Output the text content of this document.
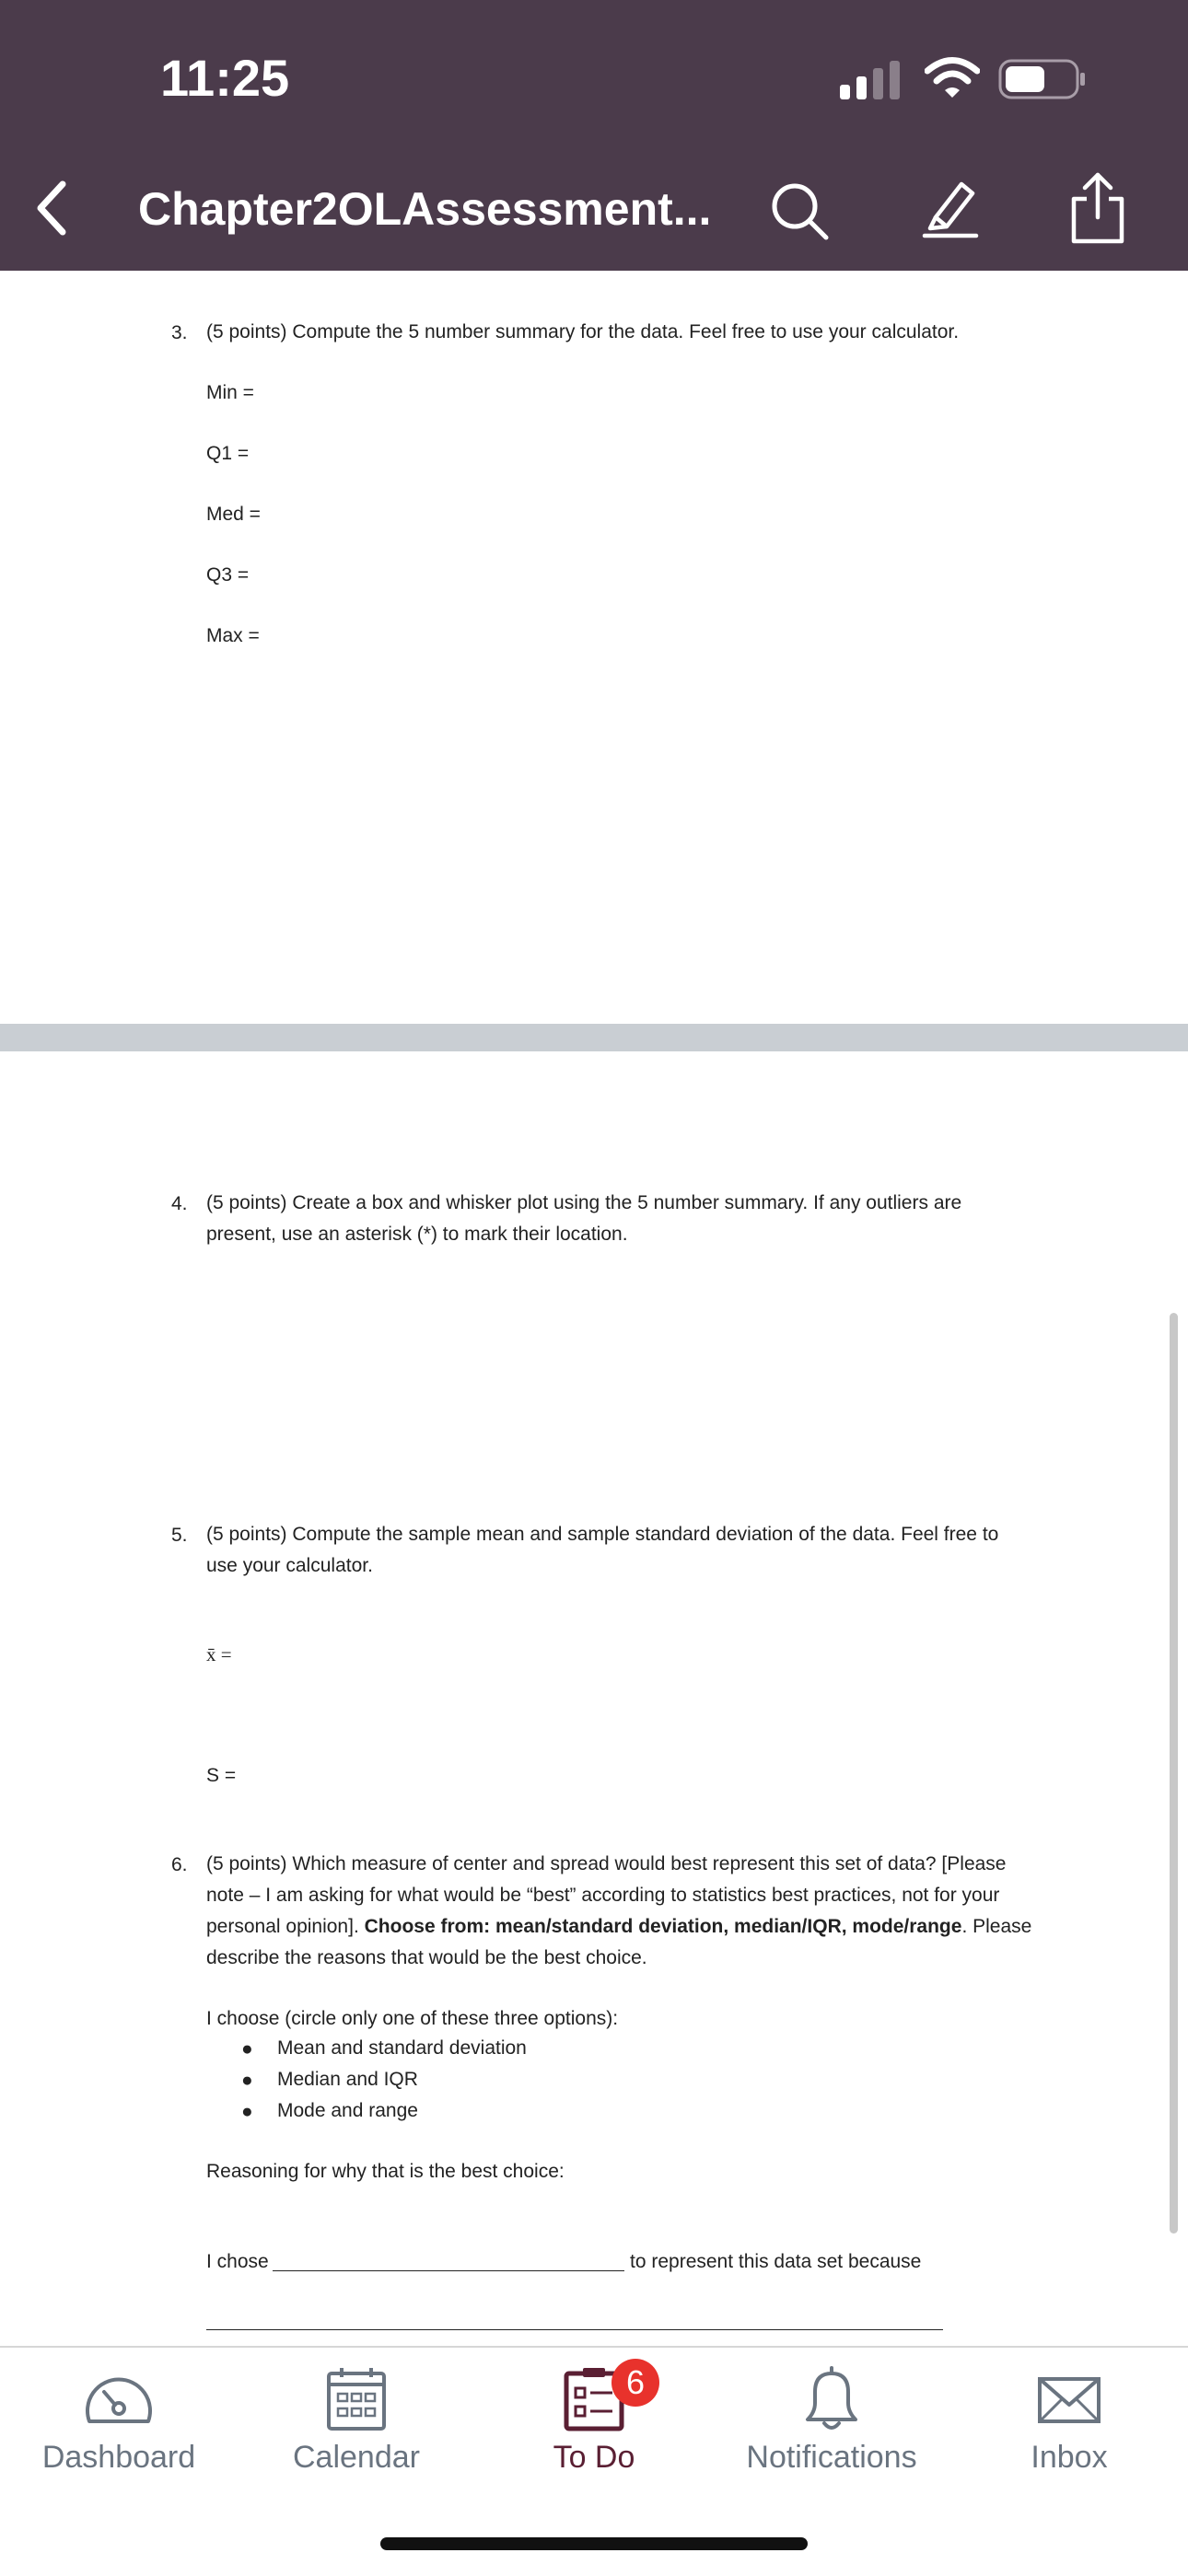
11:25
Chapter2OLAssessment...
3. (5 points) Compute the 5 number summary for the data. Feel free to use your calculator.
Min =
Q1 =
Med =
Q3 =
Max =
4. (5 points) Create a box and whisker plot using the 5 number summary. If any outliers are
present, use an asterisk (*) to mark their location.
5. (5 points) Compute the sample mean and sample standard deviation of the data. Feel free to
use your calculator.
x̄ =
S =
6. (5 points) Which measure of center and spread would best represent this set of data? [Please
note – I am asking for what would be “best” according to statistics best practices, not for your
personal opinion]. Choose from: mean/standard deviation, median/IQR, mode/range. Please
describe the reasons that would be the best choice.
I choose (circle only one of these three options):
● Mean and standard deviation
● Median and IQR
● Mode and range
Reasoning for why that is the best choice:
I chose	to represent this data set because
Dashboard	Calendar
6
To Do	Notifications	Inbox
